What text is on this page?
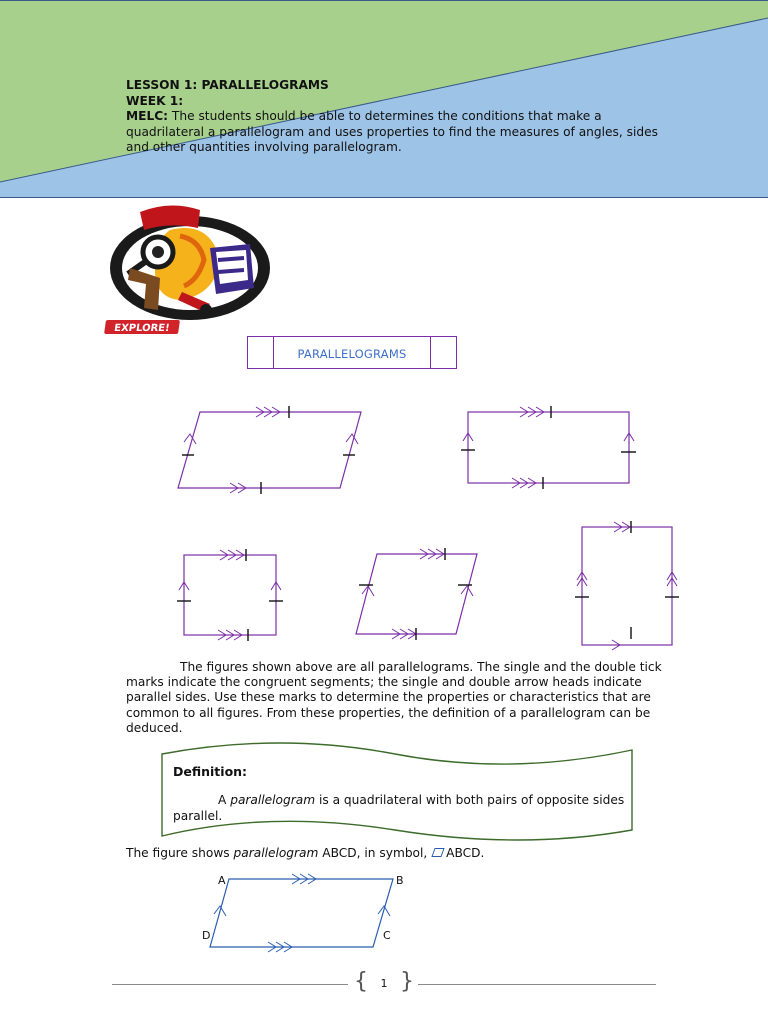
LESSON 1: PARALLELOGRAMS
WEEK 1:
MELC: The students should be able to determines the conditions that make a quadrilateral a parallelogram and uses properties to find the measures of angles, sides and other quantities involving parallelogram.
EXPLORE!
PARALLELOGRAMS
The figures shown above are all parallelograms. The single and the double tick marks indicate the congruent segments; the single and double arrow heads indicate parallel sides. Use these marks to determine the properties or characteristics that are common to all figures. From these properties, the definition of a parallelogram can be deduced.
Definition:
A parallelogram is a quadrilateral with both pairs of opposite sides parallel.
The figure shows parallelogram ABCD, in symbol, ABCD.
A	B
C
D
{ 1 }
